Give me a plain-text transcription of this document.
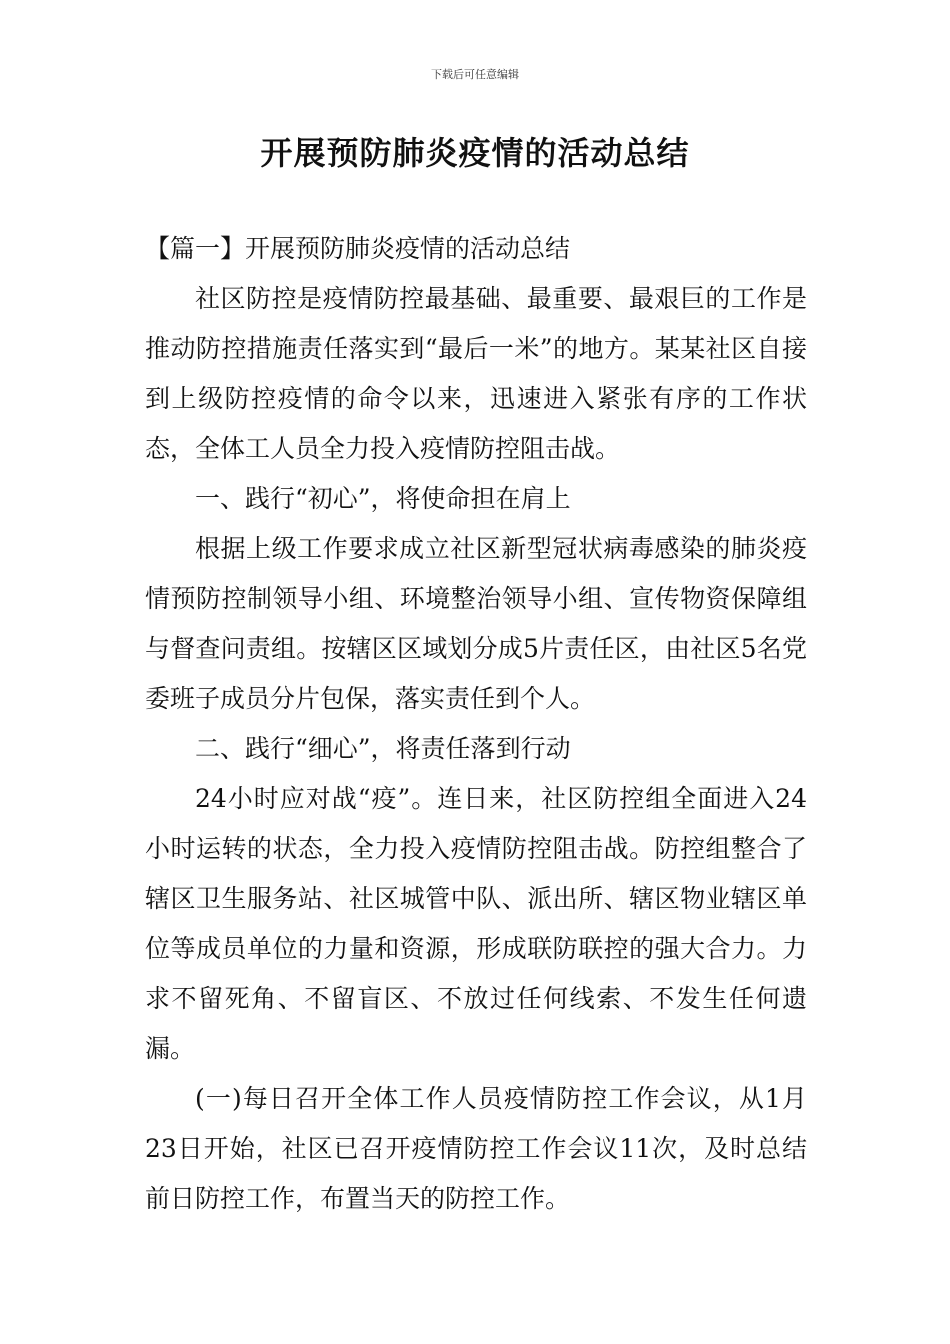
下载后可任意编辑
开展预防肺炎疫情的活动总结

【篇一】开展预防肺炎疫情的活动总结

社区防控是疫情防控最基础、最重要、最艰巨的工作是推动防控措施责任落实到“最后一米”的地方。某某社区自接到上级防控疫情的命令以来，迅速进入紧张有序的工作状态，全体工人员全力投入疫情防控阻击战。

一、践行“初心”，将使命担在肩上

根据上级工作要求成立社区新型冠状病毒感染的肺炎疫情预防控制领导小组、环境整治领导小组、宣传物资保障组与督查问责组。按辖区区域划分成5片责任区，由社区5名党委班子成员分片包保，落实责任到个人。

二、践行“细心”，将责任落到行动

24小时应对战“疫”。连日来，社区防控组全面进入24小时运转的状态，全力投入疫情防控阻击战。防控组整合了辖区卫生服务站、社区城管中队、派出所、辖区物业辖区单位等成员单位的力量和资源，形成联防联控的强大合力。力求不留死角、不留盲区、不放过任何线索、不发生任何遗漏。

(一)每日召开全体工作人员疫情防控工作会议，从1月23日开始，社区已召开疫情防控工作会议11次，及时总结前日防控工作，布置当天的防控工作。
